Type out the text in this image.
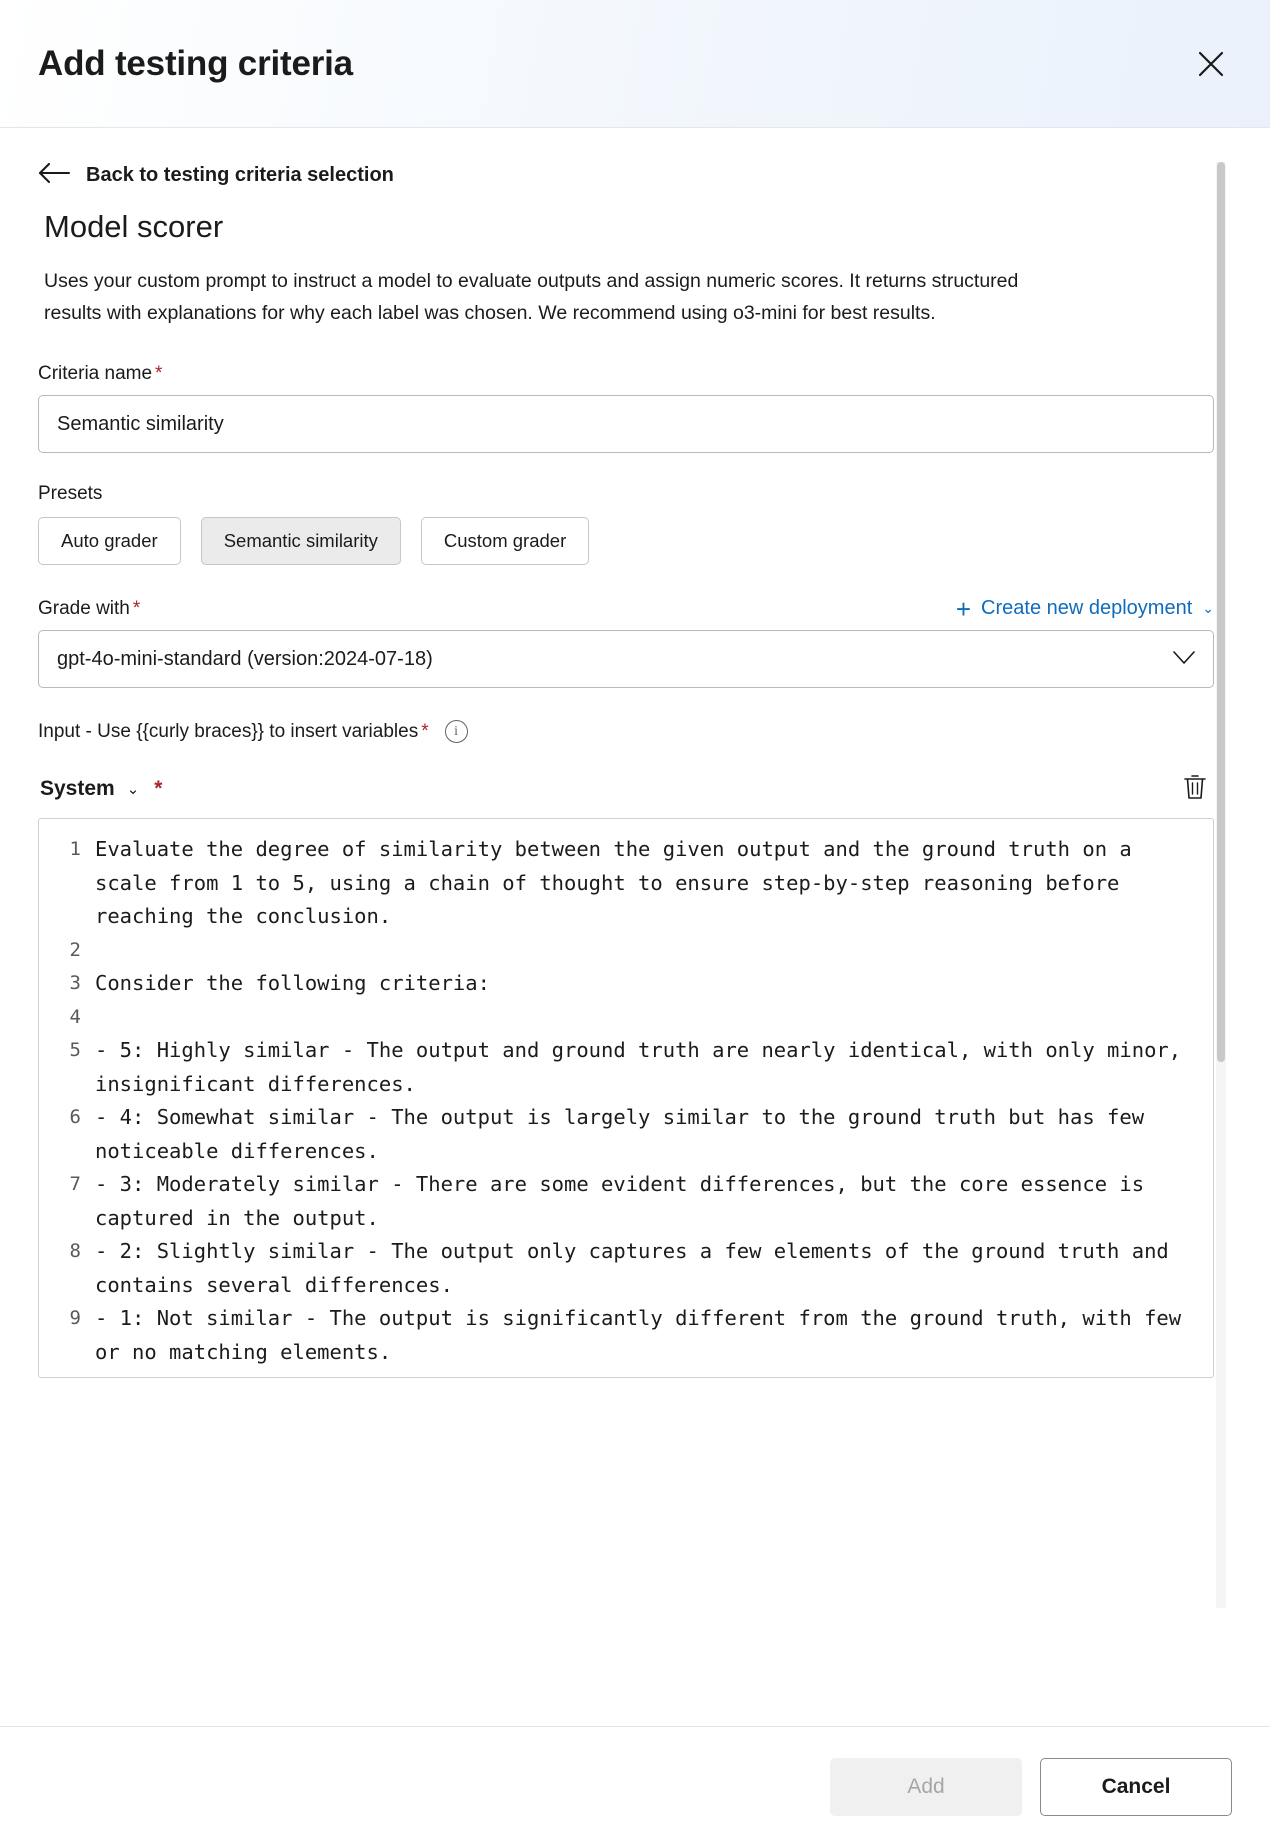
Add testing criteria
Back to testing criteria selection
Model scorer
Uses your custom prompt to instruct a model to evaluate outputs and assign numeric scores. It returns structured results with explanations for why each label was chosen. We recommend using o3-mini for best results.
Criteria name *
Semantic similarity
Presets
Auto grader	Semantic similarity	Custom grader
Grade with *	+ Create new deployment ⌄
gpt-4o-mini-standard (version:2024-07-18)
Input - Use {{curly braces}} to insert variables *	i
System ⌄ *
1 Evaluate the degree of similarity between the given output and the ground truth on a scale from 1 to 5, using a chain of thought to ensure step-by-step reasoning before reaching the conclusion.
2
3 Consider the following criteria:
4
5 - 5: Highly similar - The output and ground truth are nearly identical, with only minor, insignificant differences.
6 - 4: Somewhat similar - The output is largely similar to the ground truth but has few noticeable differences.
7 - 3: Moderately similar - There are some evident differences, but the core essence is captured in the output.
8 - 2: Slightly similar - The output only captures a few elements of the ground truth and contains several differences.
9 - 1: Not similar - The output is significantly different from the ground truth, with few or no matching elements.
Add	Cancel
